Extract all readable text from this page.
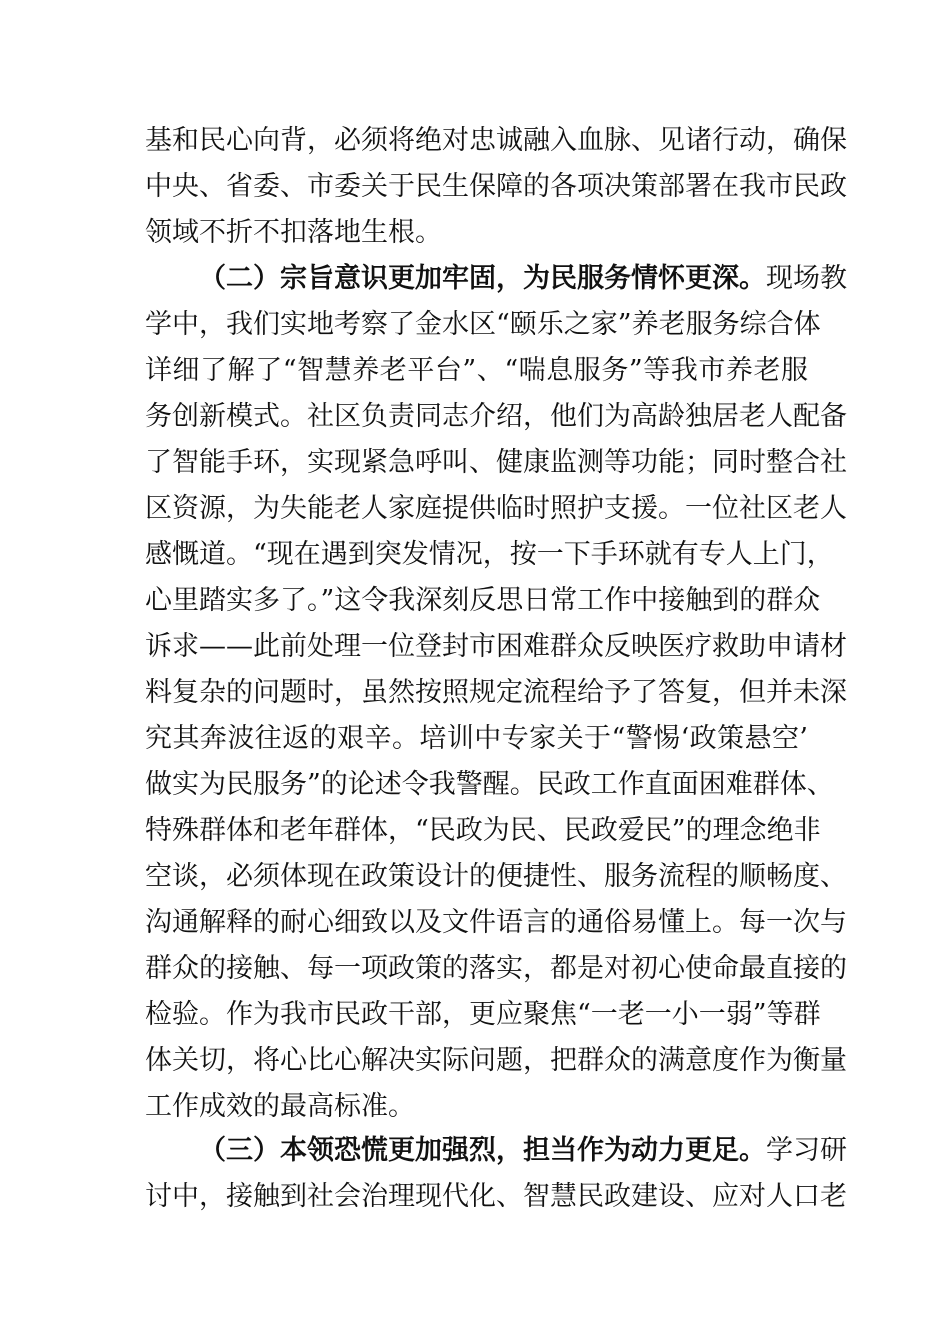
基和民心向背，必须将绝对忠诚融入血脉、见诸行动，确保
中央、省委、市委关于民生保障的各项决策部署在我市民政
领域不折不扣落地生根。
（二）宗旨意识更加牢固，为民服务情怀更深。现场教
学中，我们实地考察了金水区“颐乐之家”养老服务综合体
详细了解了“智慧养老平台”、“喘息服务”等我市养老服
务创新模式。社区负责同志介绍，他们为高龄独居老人配备
了智能手环，实现紧急呼叫、健康监测等功能；同时整合社
区资源，为失能老人家庭提供临时照护支援。一位社区老人
感慨道。“现在遇到突发情况，按一下手环就有专人上门，
心里踏实多了。”这令我深刻反思日常工作中接触到的群众
诉求——此前处理一位登封市困难群众反映医疗救助申请材
料复杂的问题时，虽然按照规定流程给予了答复，但并未深
究其奔波往返的艰辛。培训中专家关于“警惕‘政策悬空’
做实为民服务”的论述令我警醒。民政工作直面困难群体、
特殊群体和老年群体，“民政为民、民政爱民”的理念绝非
空谈，必须体现在政策设计的便捷性、服务流程的顺畅度、
沟通解释的耐心细致以及文件语言的通俗易懂上。每一次与
群众的接触、每一项政策的落实，都是对初心使命最直接的
检验。作为我市民政干部，更应聚焦“一老一小一弱”等群
体关切，将心比心解决实际问题，把群众的满意度作为衡量
工作成效的最高标准。
（三）本领恐慌更加强烈，担当作为动力更足。学习研
讨中，接触到社会治理现代化、智慧民政建设、应对人口老
